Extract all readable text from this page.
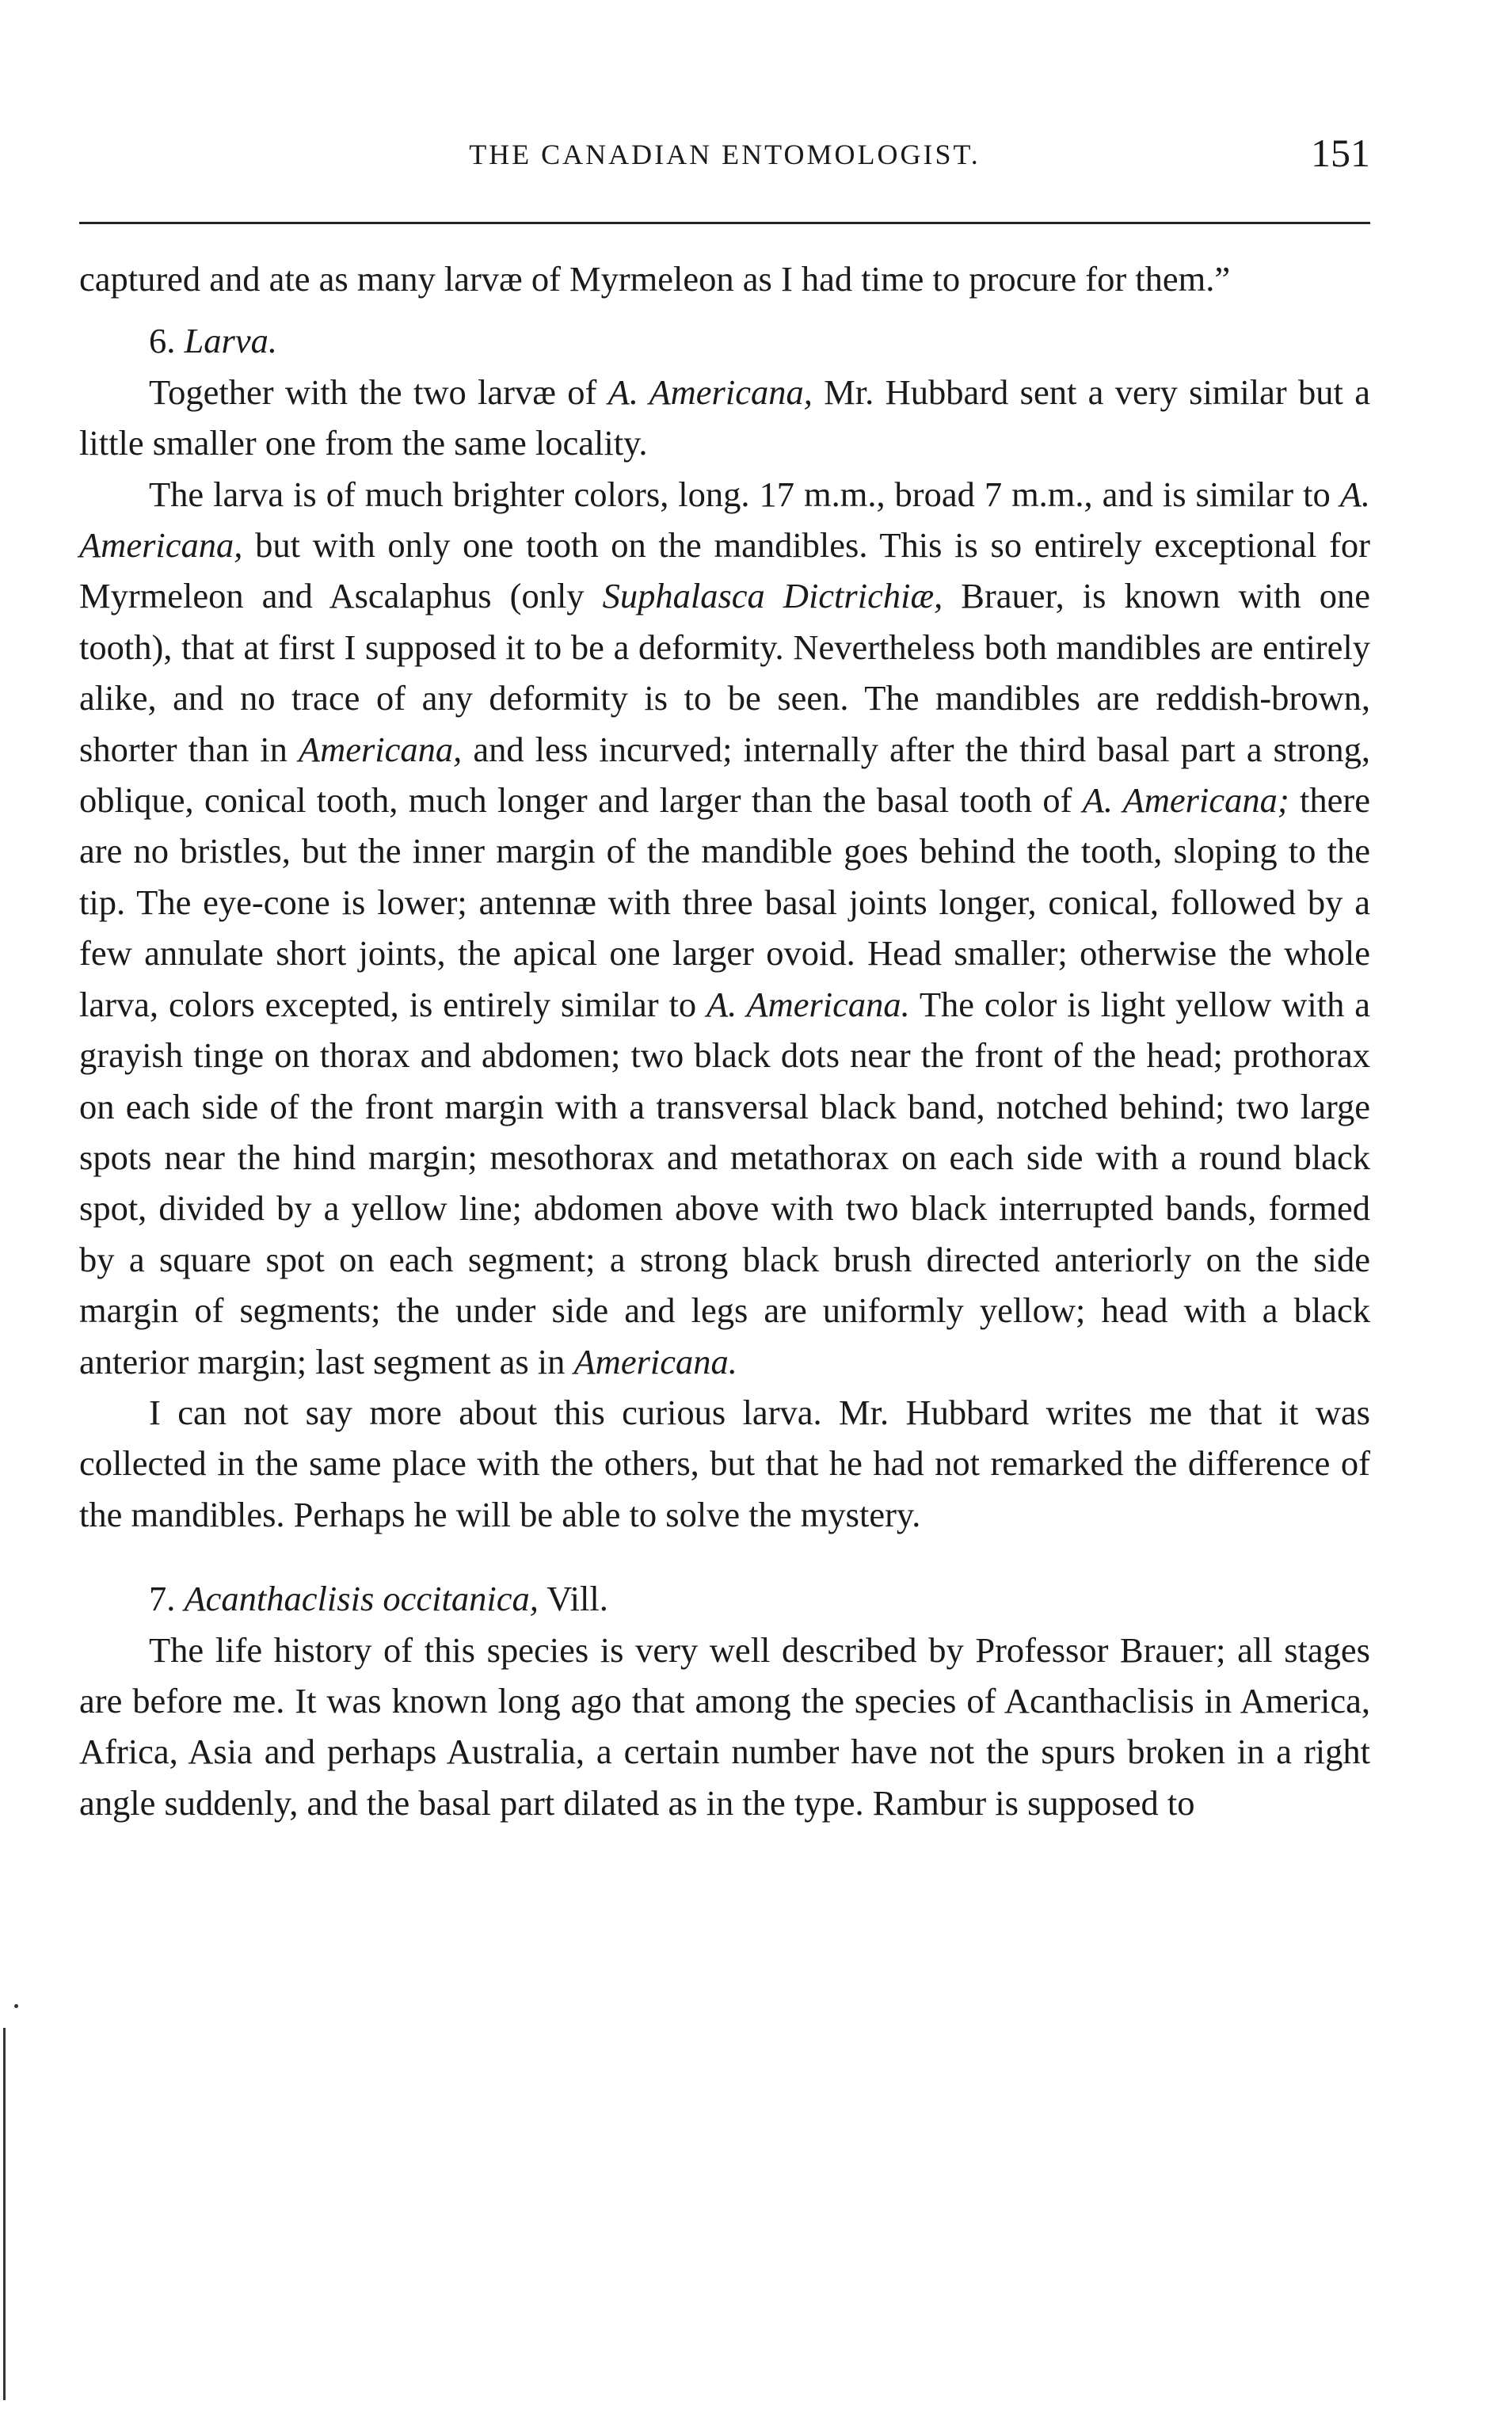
THE CANADIAN ENTOMOLOGIST.	151

captured and ate as many larvæ of Myrmeleon as I had time to procure for them.”

6. Larva.

Together with the two larvæ of A. Americana, Mr. Hubbard sent a very similar but a little smaller one from the same locality.

The larva is of much brighter colors, long. 17 m.m., broad 7 m.m., and is similar to A. Americana, but with only one tooth on the mandibles. This is so entirely exceptional for Myrmeleon and Ascalaphus (only Suphalasca Dictrichiæ, Brauer, is known with one tooth), that at first I supposed it to be a deformity. Nevertheless both mandibles are entirely alike, and no trace of any deformity is to be seen. The mandibles are reddish-brown, shorter than in Americana, and less incurved; internally after the third basal part a strong, oblique, conical tooth, much longer and larger than the basal tooth of A. Americana; there are no bristles, but the inner margin of the mandible goes behind the tooth, sloping to the tip. The eye-cone is lower; antennæ with three basal joints longer, conical, followed by a few annulate short joints, the apical one larger ovoid. Head smaller; otherwise the whole larva, colors excepted, is entirely similar to A. Americana. The color is light yellow with a grayish tinge on thorax and abdomen; two black dots near the front of the head; prothorax on each side of the front margin with a transversal black band, notched behind; two large spots near the hind margin; mesothorax and metathorax on each side with a round black spot, divided by a yellow line; abdomen above with two black interrupted bands, formed by a square spot on each segment; a strong black brush directed anteriorly on the side margin of segments; the under side and legs are uniformly yellow; head with a black anterior margin; last segment as in Americana.

I can not say more about this curious larva. Mr. Hubbard writes me that it was collected in the same place with the others, but that he had not remarked the difference of the mandibles. Perhaps he will be able to solve the mystery.

7. Acanthaclisis occitanica, Vill.

The life history of this species is very well described by Professor Brauer; all stages are before me. It was known long ago that among the species of Acanthaclisis in America, Africa, Asia and perhaps Australia, a certain number have not the spurs broken in a right angle suddenly, and the basal part dilated as in the type. Rambur is supposed to
